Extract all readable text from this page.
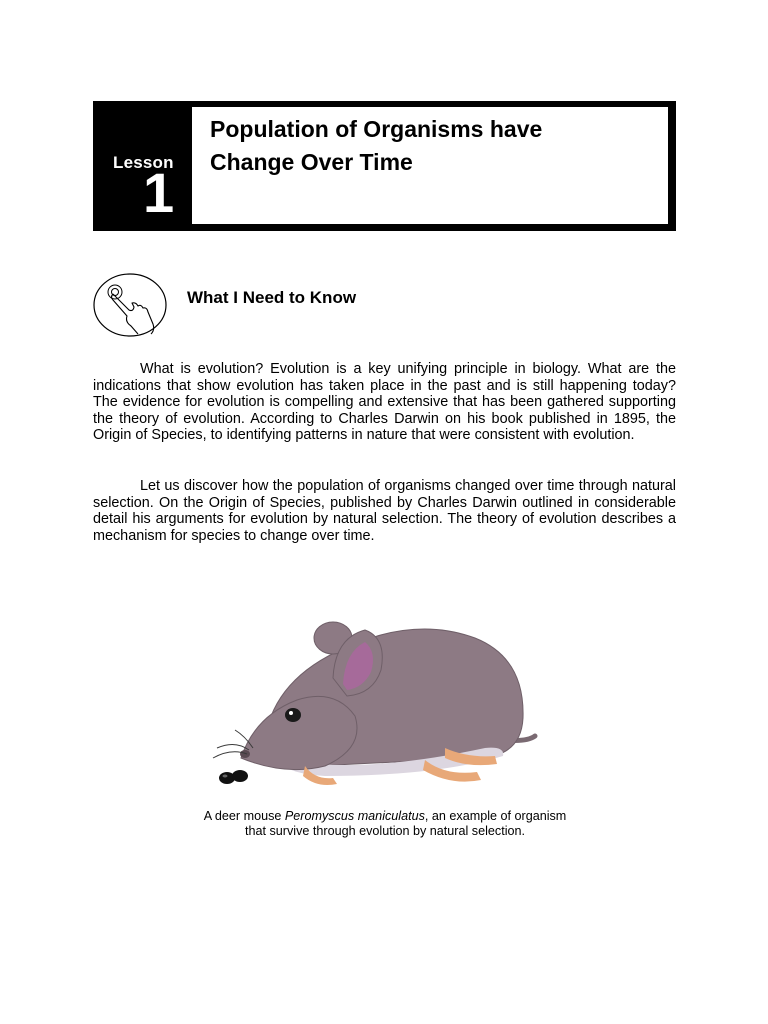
Lesson
1
Population of Organisms have
Change Over Time
What I Need to Know

What is evolution? Evolution is a key unifying principle in biology. What are the indications that show evolution has taken place in the past and is still happening today? The evidence for evolution is compelling and extensive that has been gathered supporting the theory of evolution. According to Charles Darwin on his book published in 1895, the Origin of Species, to identifying patterns in nature that were consistent with evolution.

Let us discover how the population of organisms changed over time through natural selection. On the Origin of Species, published by Charles Darwin outlined in considerable detail his arguments for evolution by natural selection. The theory of evolution describes a mechanism for species to change over time.

A deer mouse Peromyscus maniculatus, an example of organism
that survive through evolution by natural selection.
